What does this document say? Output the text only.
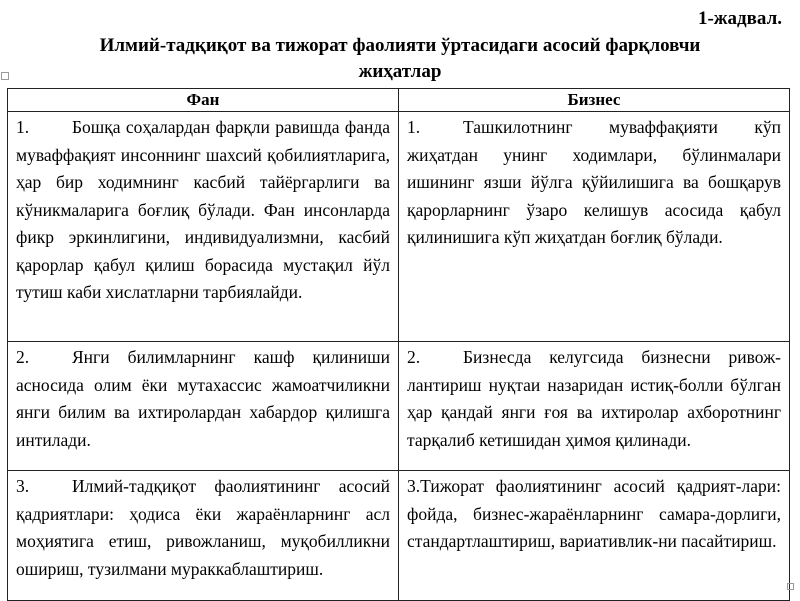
1-жадвал.
Илмий-тадқиқот ва тижорат фаолияти ўртасидаги асосий фарқловчи жиҳатлар
Фан	Бизнес
1. Бошқа соҳалардан фарқли равишда фанда муваффақият инсоннинг шахсий қобилиятларига, ҳар бир ходимнинг касбий тайёргарлиги ва кўникмаларига боғлиқ бўлади. Фан инсонларда фикр эркинлигини, индивидуализмни, касбий қарорлар қабул қилиш борасида мустақил йўл тутиш каби хислатларни тарбиялайди.	1. Ташкилотнинг муваффақияти кўп жиҳатдан унинг ходимлари, бўлинмалари ишининг язши йўлга қўйилишига ва бошқарув қарорларнинг ўзаро келишув асосида қабул қилинишига кўп жиҳатдан боғлиқ бўлади.
2. Янги билимларнинг кашф қилиниши асносида олим ёки мутахассис жамоатчиликни янги билим ва ихтиролардан хабардор қилишга интилади.	2. Бизнесда келугсида бизнесни ривож-лантириш нуқтаи назаридан истиқ-болли бўлган ҳар қандай янги ғоя ва ихтиролар ахборотнинг тарқалиб кетишидан ҳимоя қилинади.
3. Илмий-тадқиқот фаолиятининг асосий қадриятлари: ҳодиса ёки жараёнларнинг асл моҳиятига етиш, ривожланиш, муқобилликни ошириш, тузилмани мураккаблаштириш.	3.Тижорат фаолиятининг асосий қадрият-лари: фойда, бизнес-жараёнларнинг самара-дорлиги, стандартлаштириш, вариативлик-ни пасайтириш.
